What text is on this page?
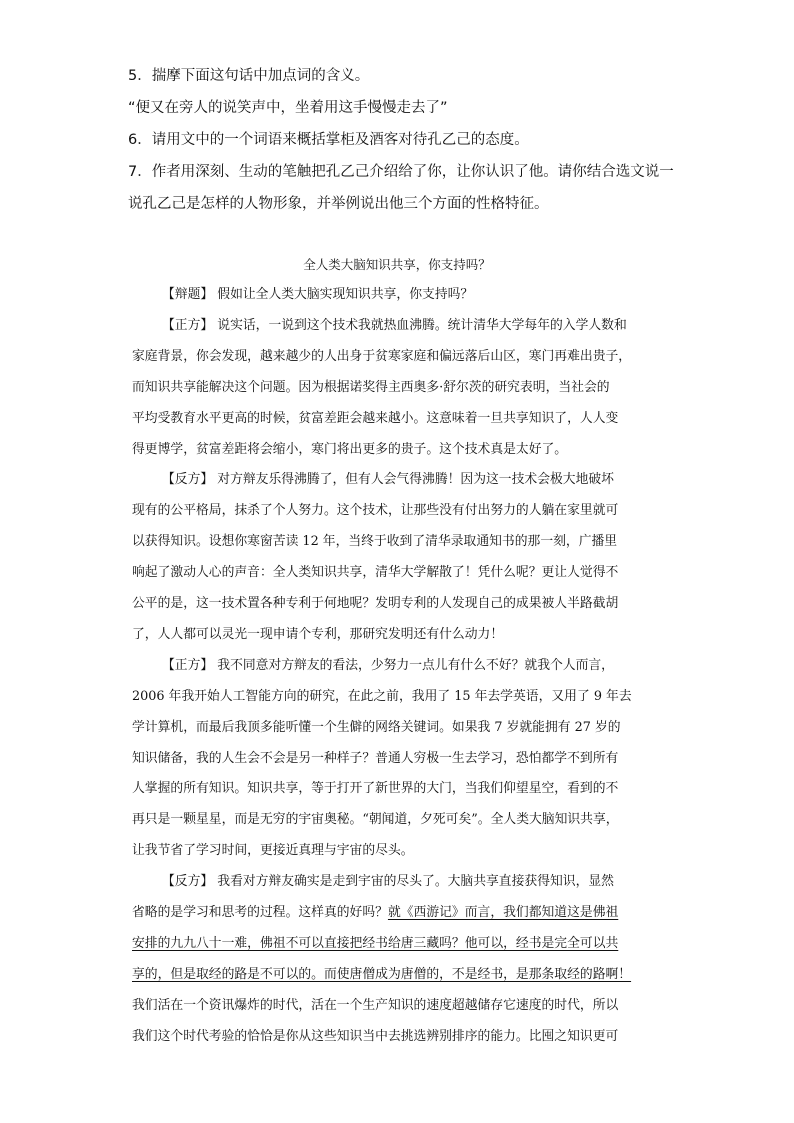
5．揣摩下面这句话中加点词的含义。
“便又在旁人的说笑声中，坐着用这手慢慢走去了”
6．请用文中的一个词语来概括掌柜及酒客对待孔乙己的态度。
7．作者用深刻、生动的笔触把孔乙己介绍给了你，让你认识了他。请你结合选文说一
说孔乙己是怎样的人物形象，并举例说出他三个方面的性格特征。
全人类大脑知识共享，你支持吗？
【辩题】 假如让全人类大脑实现知识共享，你支持吗？
【正方】 说实话，一说到这个技术我就热血沸腾。统计清华大学每年的入学人数和
家庭背景，你会发现，越来越少的人出身于贫寒家庭和偏远落后山区，寒门再难出贵子，
而知识共享能解决这个问题。因为根据诺奖得主西奥多·舒尔茨的研究表明，当社会的
平均受教育水平更高的时候，贫富差距会越来越小。这意味着一旦共享知识了，人人变
得更博学，贫富差距将会缩小，寒门将出更多的贵子。这个技术真是太好了。
【反方】 对方辩友乐得沸腾了，但有人会气得沸腾！因为这一技术会极大地破坏
现有的公平格局，抹杀了个人努力。这个技术，让那些没有付出努力的人躺在家里就可
以获得知识。设想你寒窗苦读 12 年，当终于收到了清华录取通知书的那一刻，广播里
响起了激动人心的声音：全人类知识共享，清华大学解散了！凭什么呢？更让人觉得不
公平的是，这一技术置各种专利于何地呢？发明专利的人发现自己的成果被人半路截胡
了，人人都可以灵光一现申请个专利，那研究发明还有什么动力！
【正方】 我不同意对方辩友的看法，少努力一点儿有什么不好？就我个人而言，
2006 年我开始人工智能方向的研究，在此之前，我用了 15 年去学英语，又用了 9 年去
学计算机，而最后我顶多能听懂一个生僻的网络关键词。如果我 7 岁就能拥有 27 岁的
知识储备，我的人生会不会是另一种样子？普通人穷极一生去学习，恐怕都学不到所有
人掌握的所有知识。知识共享，等于打开了新世界的大门，当我们仰望星空，看到的不
再只是一颗星星，而是无穷的宇宙奥秘。“朝闻道，夕死可矣”。全人类大脑知识共享，
让我节省了学习时间，更接近真理与宇宙的尽头。
【反方】 我看对方辩友确实是走到宇宙的尽头了。大脑共享直接获得知识，显然
省略的是学习和思考的过程。这样真的好吗？就《西游记》而言，我们都知道这是佛祖
安排的九九八十一难，佛祖不可以直接把经书给唐三藏吗？他可以，经书是完全可以共
享的，但是取经的路是不可以的。而使唐僧成为唐僧的，不是经书，是那条取经的路啊！
我们活在一个资讯爆炸的时代，活在一个生产知识的速度超越储存它速度的时代，所以
我们这个时代考验的恰恰是你从这些知识当中去挑选辨别排序的能力。比囤之知识更可
